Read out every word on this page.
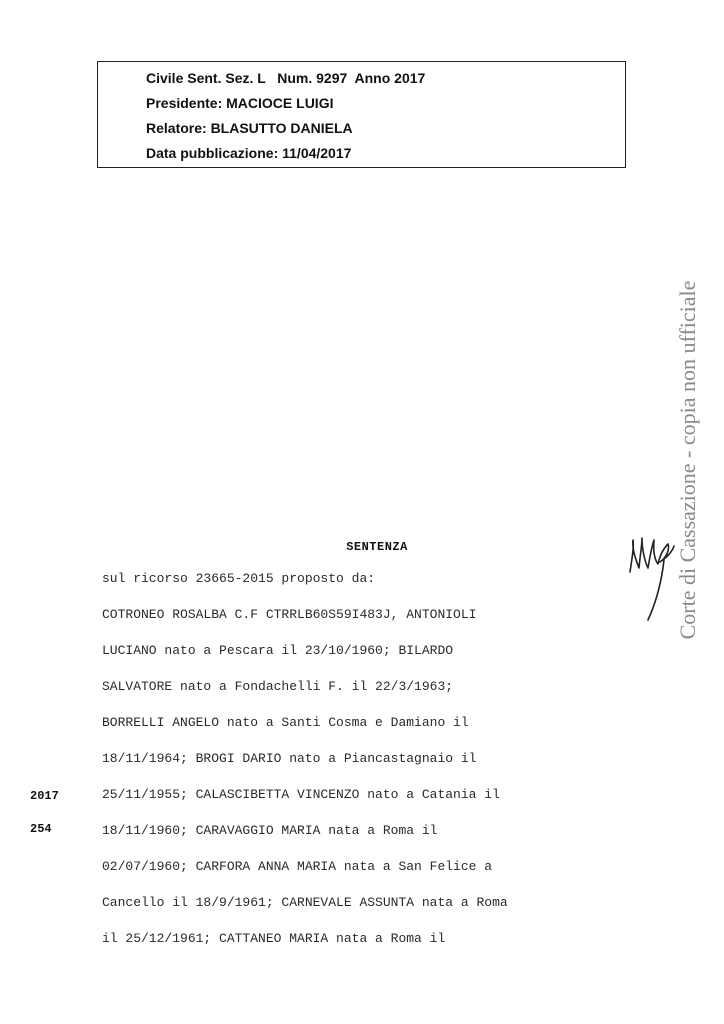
Civile Sent. Sez. L   Num. 9297  Anno 2017
Presidente: MACIOCE LUIGI
Relatore: BLASUTTO DANIELA
Data pubblicazione: 11/04/2017
Corte di Cassazione - copia non ufficiale
SENTENZA
sul ricorso 23665-2015 proposto da:
COTRONEO ROSALBA C.F CTRRLB60S59I483J, ANTONIOLI
LUCIANO nato a Pescara il 23/10/1960; BILARDO
SALVATORE nato a Fondachelli F. il 22/3/1963;
BORRELLI ANGELO nato a Santi Cosma e Damiano il
18/11/1964; BROGI DARIO nato a Piancastagnaio il
25/11/1955; CALASCIBETTA VINCENZO nato a Catania il
18/11/1960; CARAVAGGIO MARIA nata a Roma il
02/07/1960; CARFORA ANNA MARIA nata a San Felice a
Cancello il 18/9/1961; CARNEVALE ASSUNTA nata a Roma
il 25/12/1961; CATTANEO MARIA nata a Roma il
2017
254
